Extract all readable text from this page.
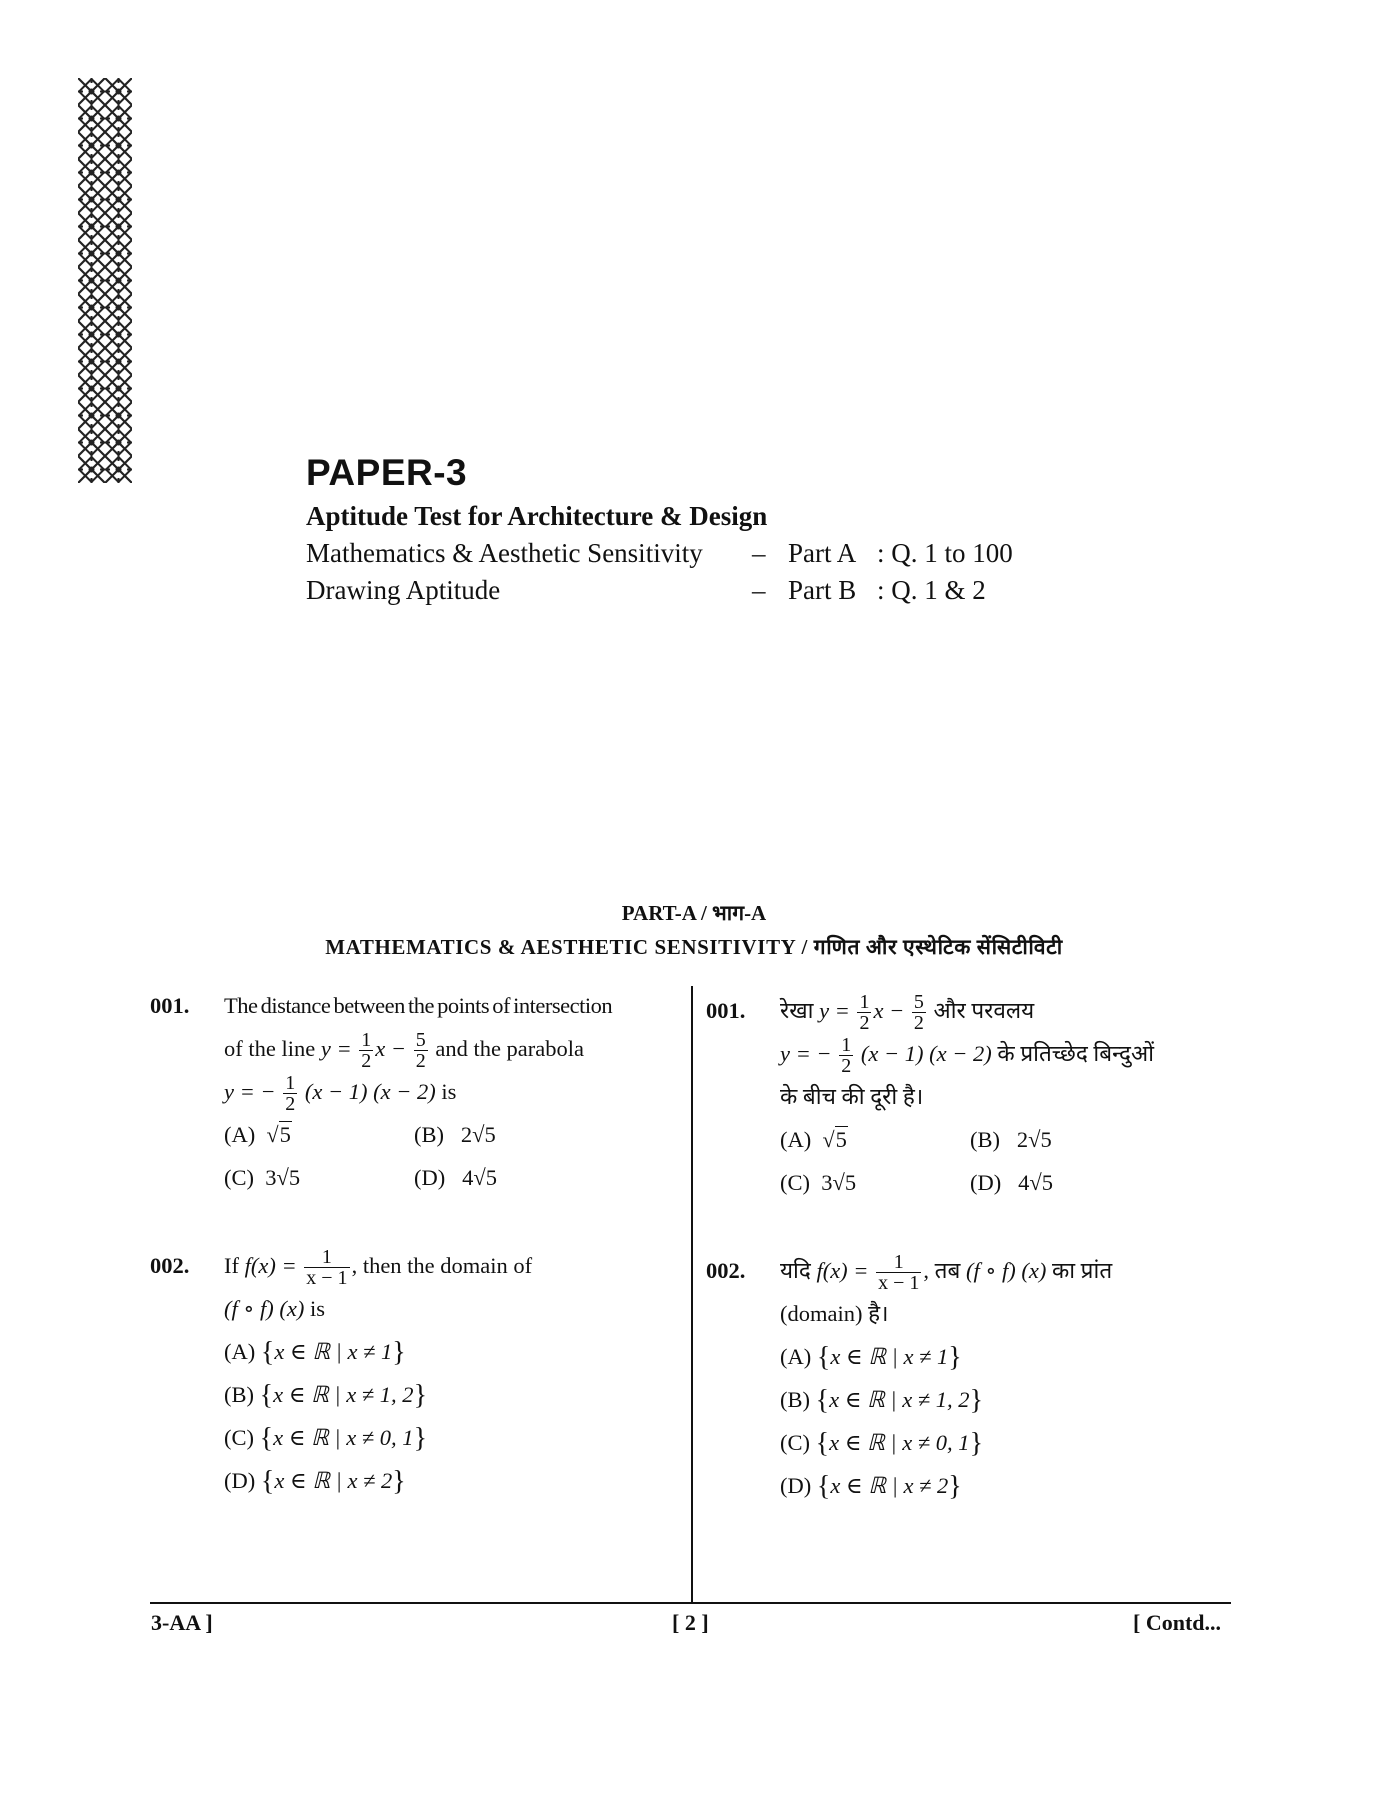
PAPER-3
Aptitude Test for Architecture & Design
Mathematics & Aesthetic Sensitivity – Part A : Q. 1 to 100
Drawing Aptitude	– Part B : Q. 1 & 2
PART-A / भाग-A
MATHEMATICS & AESTHETIC SENSITIVITY / गणित और एस्थेटिक सेंसिटीविटी
001. The distance between the points of intersection
of the line $y = \frac{1}{2}$ $x - \frac{5}{2}$ and the parabola
y = − $\frac{1}{2} (x - 1) (x - 2)$ is
(A) √5	(B) 2√5
(C) 3√5	(D) 4√5
002. If $f(x) = \frac{1}{x - 1}$ , then the domain of
(f ∘ f) (x) is
(A) {x ∈ ℝ | x ≠ 1}
(B) {x ∈ ℝ | x ≠ 1, 2}
(C) {x ∈ ℝ | x ≠ 0, 1}
(D) {x ∈ ℝ | x ≠ 2}
001. रेखा $y = \frac{1}{2}$ $x - \frac{5}{2}$ और परवलय
y = − $\frac{1}{2} (x - 1) (x - 2)$ के प्रतिच्छेद बिन्दुओं
के बीच की दूरी है।
(A) √5	(B) 2√5
(C) 3√5	(D) 4√5
002. यदि $f(x) = \frac{1}{x - 1}$ , तब (f ∘ f) (x) का प्रांत
(domain) है।
(A) {x ∈ ℝ | x ≠ 1}
(B) {x ∈ ℝ | x ≠ 1, 2}
(C) {x ∈ ℝ | x ≠ 0, 1}
(D) {x ∈ ℝ | x ≠ 2}
3-AA ]	[ 2 ]	[ Contd...
